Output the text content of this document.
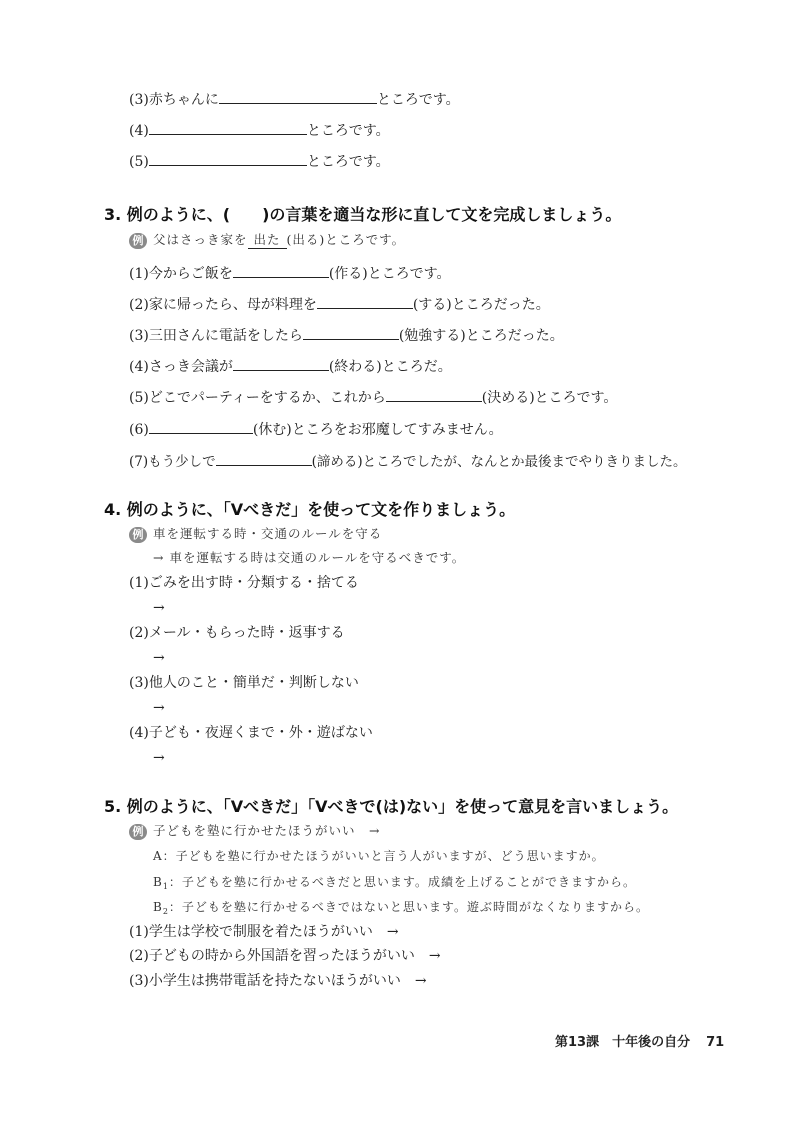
(3)赤ちゃんに	ところです。
(4)	ところです。
(5)	ところです。
3. 例のように、(　　)の言葉を適当な形に直して文を完成しましょう。
例 父はさっき家を 出た (出る)ところです。
(1)今からご飯を	(作る)ところです。
(2)家に帰ったら、母が料理を	(する)ところだった。
(3)三田さんに電話をしたら	(勉強する)ところだった。
(4)さっき会議が	(終わる)ところだ。
(5)どこでパーティーをするか、これから	(決める)ところです。
(6)	(休む)ところをお邪魔してすみません。
(7)もう少しで	(諦める)ところでしたが、なんとか最後までやりきりました。
4. 例のように、「Vべきだ」を使って文を作りましょう。
例 車を運転する時・交通のルールを守る
→ 車を運転する時は交通のルールを守るべきです。
(1)ごみを出す時・分類する・捨てる
→
(2)メール・もらった時・返事する
→
(3)他人のこと・簡単だ・判断しない
→
(4)子ども・夜遅くまで・外・遊ばない
→
5. 例のように、「Vべきだ」「Vべきで(は)ない」を使って意見を言いましょう。
例 子どもを塾に行かせたほうがいい　→
A：子どもを塾に行かせたほうがいいと言う人がいますが、どう思いますか。
$B_1$：子どもを塾に行かせるべきだと思います。成績を上げることができますから。
$B_2$：子どもを塾に行かせるべきではないと思います。遊ぶ時間がなくなりますから。
(1)学生は学校で制服を着たほうがいい　→
(2)子どもの時から外国語を習ったほうがいい　→
(3)小学生は携帯電話を持たないほうがいい　→
第13課　十年後の自分 71
